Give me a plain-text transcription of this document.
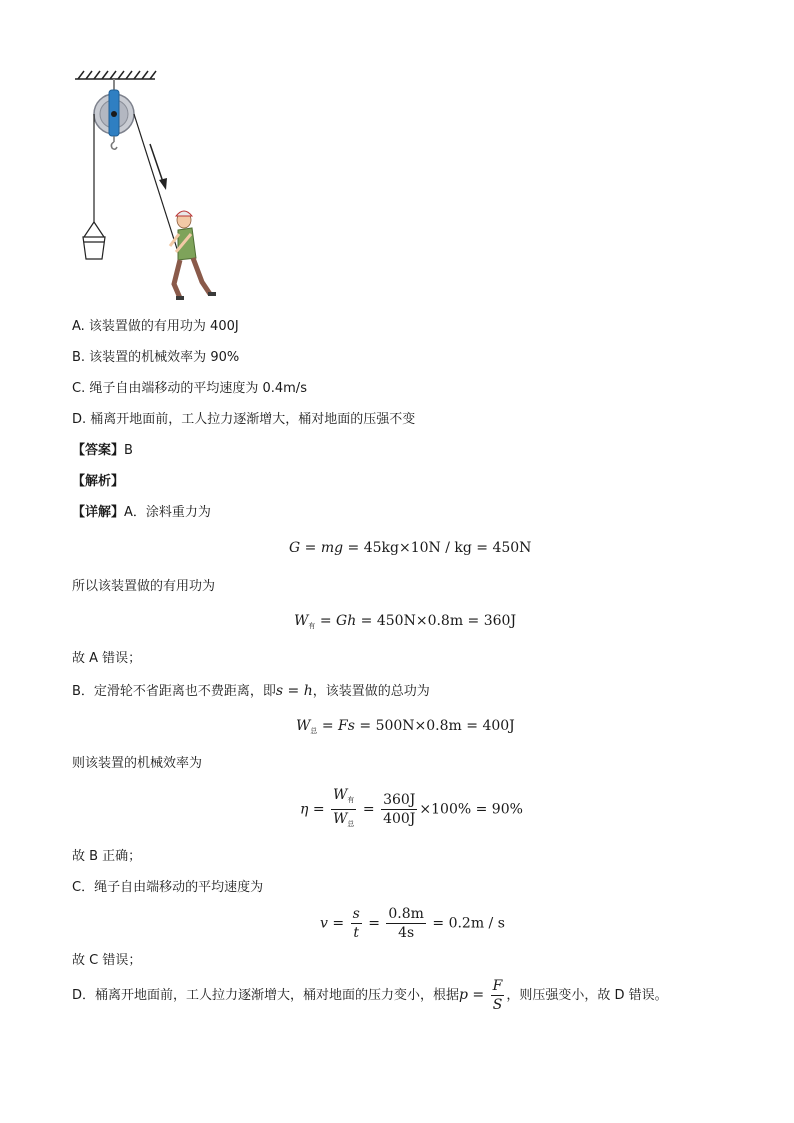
A. 该装置做的有用功为 400J
B. 该装置的机械效率为 90%
C. 绳子自由端移动的平均速度为 0.4m/s
D. 桶离开地面前，工人拉力逐渐增大，桶对地面的压强不变
【答案】B
【解析】
【详解】A．涂料重力为
G = mg = 45kg×10N / kg = 450N
所以该装置做的有用功为
$W_有 = Gh = 450N\times 0.8m = 360J$
故 A 错误；
B．定滑轮不省距离也不费距离，即s = h，该装置做的总功为
$W_总 = Fs = 500N\times 0.8m = 400J$
则该装置的机械效率为
$\eta = \frac{W_有}{W_总} = \frac{360J}{400J} \times 100\% = 90\%$
故 B 正确；
C．绳子自由端移动的平均速度为
$v = \frac{s}{t} = \frac{0.8m}{4s} = 0.2m / s$
故 C 错误；
D．桶离开地面前，工人拉力逐渐增大，桶对地面的压力变小，根据$p = \frac{F}{S}$ ，则压强变小，故 D 错误。
